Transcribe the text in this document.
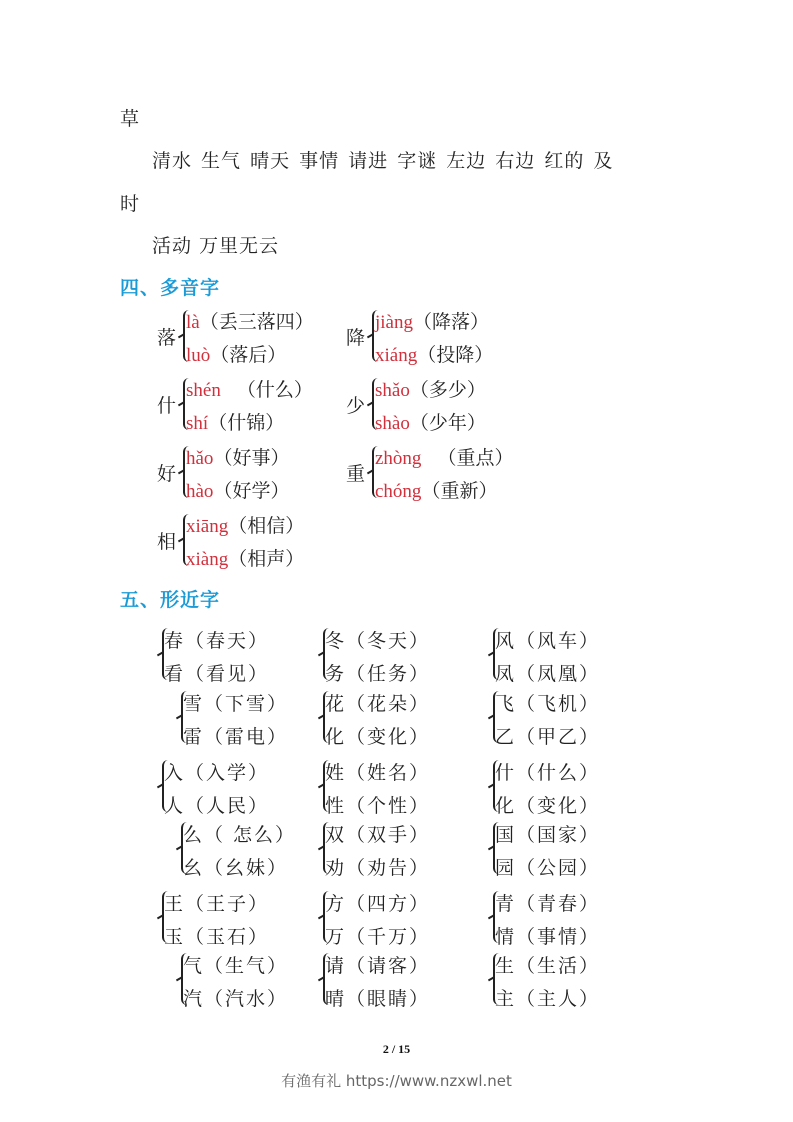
草
清水 生气 晴天 事情 请进 字谜 左边 右边 红的 及
时
活动 万里无云
四、多音字
落
là（丢三落四）
luò（落后）
降
jiàng（降落）
xiáng（投降）
什
shén （什么）
shí（什锦）
少
shǎo（多少）
shào（少年）
好
hǎo（好事）
hào（好学）
重
zhòng （重点）
chóng（重新）
相
xiāng（相信）
xiàng（相声）
五、形近字
春（春天）
看（看见）
冬（冬天）
务（任务）
风（风车）
凤（凤凰）
雪（下雪）
雷（雷电）
花（花朵）
化（变化）
飞（飞机）
乙（甲乙）
入（入学）
人（人民）
姓（姓名）
性（个性）
什（什么）
化（变化）
么（ 怎么）
幺（幺妹）
双（双手）
劝（劝告）
国（国家）
园（公园）
王（王子）
玉（玉石）
方（四方）
万（千万）
青（青春）
情（事情）
气（生气）
汽（汽水）
请（请客）
晴（眼睛）
生（生活）
主（主人）
2 / 15
有渔有礼 https://www.nzxwl.net
